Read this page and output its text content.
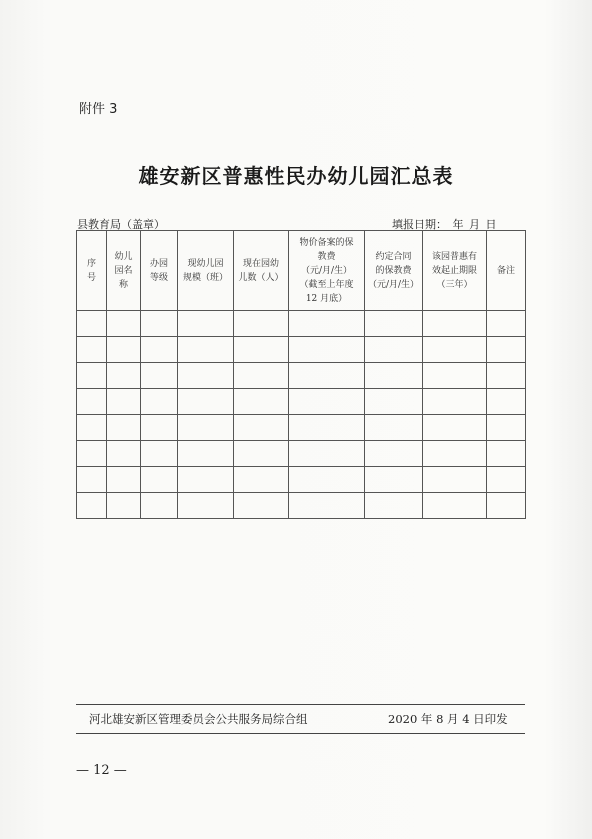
附件 3
雄安新区普惠性民办幼儿园汇总表
县教育局（盖章）	填报日期： 年 月 日
序
号	幼儿
园名
称	办园
等级	现幼儿园
规模（班）	现在园幼
儿数（人）	物价备案的保
教费
（元/月/生）
（截至上年度
12 月底）	约定合同
的保教费
（元/月/生）	该园普惠有
效起止期限
（三年）	备注

河北雄安新区管理委员会公共服务局综合组	2020 年 8 月 4 日印发
— 12 —
